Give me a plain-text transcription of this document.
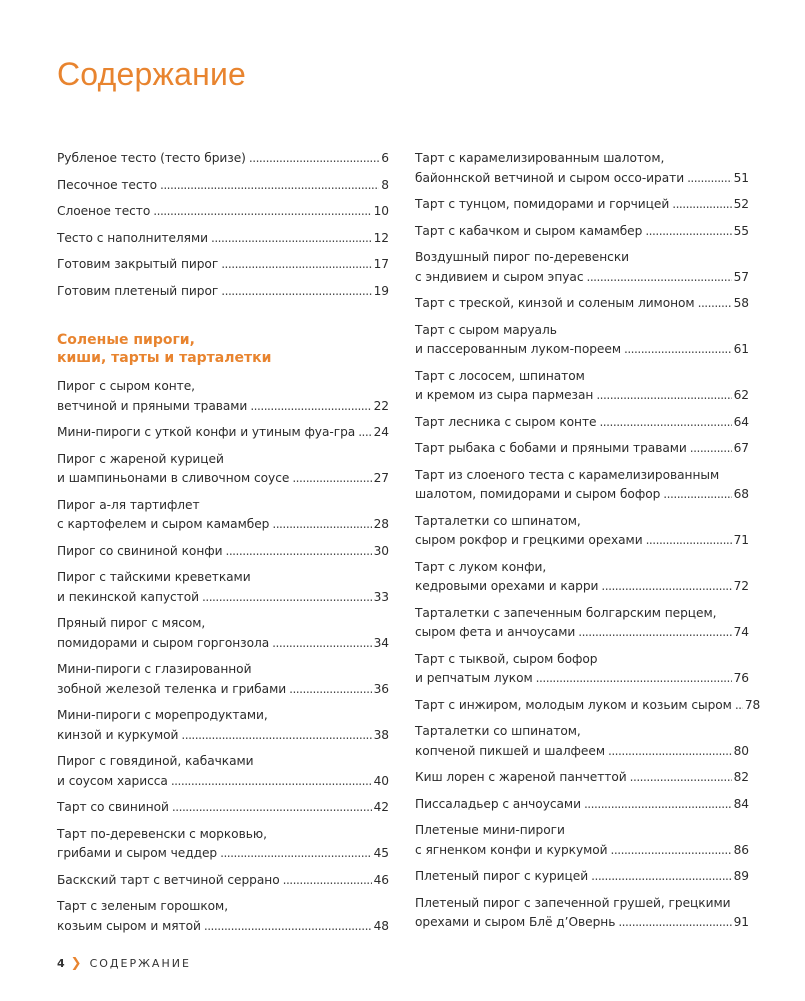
Содержание
Рубленое тесто (тесто бризе) . . .	6
Песочное тесто . . .	8
Слоеное тесто . . .	10
Тесто с наполнителями . . .	12
Готовим закрытый пирог . . .	17
Готовим плетеный пирог . . .	19
Соленые пироги,
киши, тарты и тарталетки
Пирог с сыром конте,
ветчиной и пряными травами . . .	22
Мини-пироги с уткой конфи и утиным фуа-гра . . . 24
Пирог с жареной курицей
и шампиньонами в сливочном соусе . . .	27
Пирог а-ля тартифлет
с картофелем и сыром камамбер . . .	28
Пирог со свининой конфи . . .	30
Пирог с тайскими креветками
и пекинской капустой . . .	33
Пряный пирог с мясом,
помидорами и сыром горгонзола . . .	34
Мини-пироги с глазированной
зобной железой теленка и грибами . . .	36
Мини-пироги с морепродуктами,
кинзой и куркумой . . .	38
Пирог с говядиной, кабачками
и соусом харисса . . .	40
Тарт со свининой . . .	42
Тарт по-деревенски с морковью,
грибами и сыром чеддер . . .	45
Баскский тарт с ветчиной серрано . . .	46
Тарт с зеленым горошком,
козьим сыром и мятой . . .	48
Тарт с карамелизированным шалотом,
байоннской ветчиной и сыром оссо-ирати . . .	51
Тарт с тунцом, помидорами и горчицей . . .	52
Тарт с кабачком и сыром камамбер . . .	55
Воздушный пирог по-деревенски
с эндивием и сыром эпуас . . .	57
Тарт с треской, кинзой и соленым лимоном . . .	58
Тарт с сыром маруаль
и пассерованным луком-пореем . . .	61
Тарт с лососем, шпинатом
и кремом из сыра пармезан . . .	62
Тарт лесника с сыром конте . . .	64
Тарт рыбака с бобами и пряными травами . . .	67
Тарт из слоеного теста с карамелизированным
шалотом, помидорами и сыром бофор . . .	68
Тарталетки со шпинатом,
сыром рокфор и грецкими орехами . . .	71
Тарт с луком конфи,
кедровыми орехами и карри . . .	72
Тарталетки с запеченным болгарским перцем,
сыром фета и анчоусами . . .	74
Тарт с тыквой, сыром бофор
и репчатым луком . . .	76
Тарт с инжиром, молодым луком и козьим сыром . . . 78
Тарталетки со шпинатом,
копченой пикшей и шалфеем . . .	80
Киш лорен с жареной панчеттой . . .	82
Писсаладьер с анчоусами . . .	84
Плетеные мини-пироги
с ягненком конфи и куркумой . . .	86
Плетеный пирог с курицей . . .	89
Плетеный пирог с запеченной грушей, грецкими
орехами и сыром Блё д’Овернь . . .	91
4 ❯ СОДЕРЖАНИЕ
